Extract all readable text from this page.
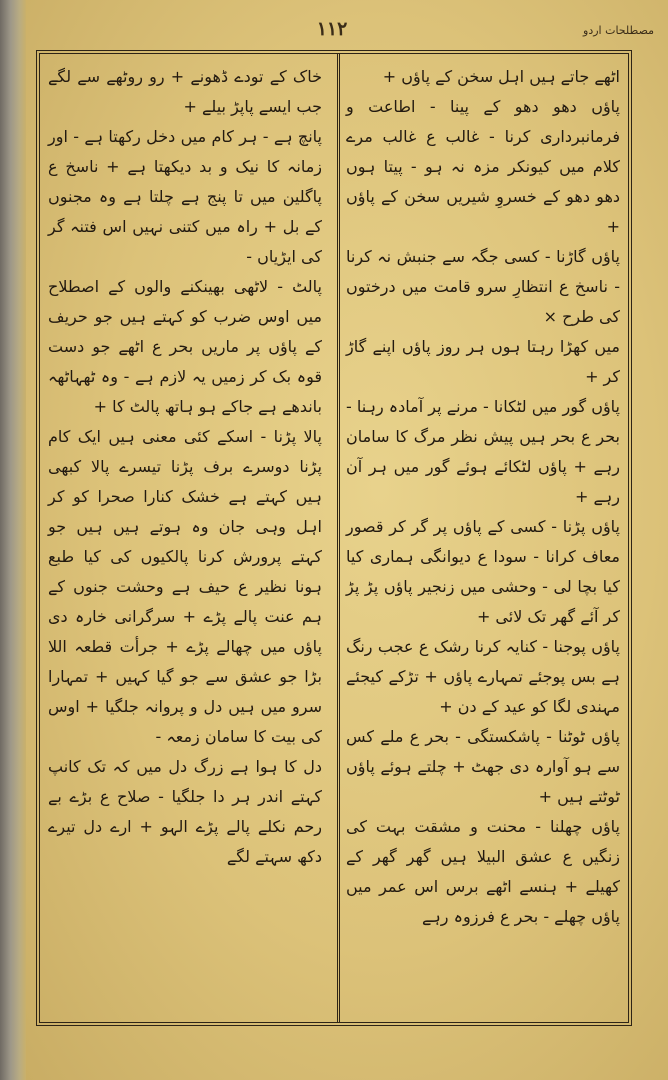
مصطلحات اردو
۱۱۲

اٹھے جاتے ہیں اہل سخن کے پاؤں +

پاؤں دھو دھو کے پینا - اطاعت و فرمانبرداری کرنا - غالب ع غالب مرے کلام میں کیونکر مزہ نہ ہو - پیتا ہوں دھو دھو کے خسروِ شیریں سخن کے پاؤں +

پاؤں گاڑنا - کسی جگہ سے جنبش نہ کرنا - ناسخ ع انتظارِ سرو قامت میں درختوں کی طرح ×

میں کھڑا رہتا ہوں ہر روز پاؤں اپنے گاڑ کر +

پاؤں گور میں لٹکانا - مرنے پر آمادہ رہنا - بحر ع بحر ہیں پیش نظر مرگ کا سامان رہے + پاؤں لٹکائے ہوئے گور میں ہر آن رہے +

پاؤں پڑنا - کسی کے پاؤں پر گر کر قصور معاف کرانا - سودا ع دیوانگی ہماری کیا کیا بچا لی - وحشی میں زنجیر پاؤں پڑ پڑ کر آئے گھر تک لائی +

پاؤں پوجنا - کنایہ کرنا رشک ع عجب رنگ ہے بس پوجئے تمہارے پاؤں + تڑکے کیجئے مہندی لگا کو عید کے دن +

پاؤں ٹوٹنا - پاشکستگی - بحر ع ملے کس سے ہو آوارہ دی جھٹ + چلتے ہوئے پاؤں ٹوٹتے ہیں +

پاؤں چھلنا - محنت و مشقت بہت کی زنگیں ع عشق البیلا ہیں گھر گھر کے کھیلے + ہنسے اٹھے برس اس عمر میں پاؤں چھلے - بحر ع فرزوہ رہے

خاک کے تودے ڈھونے + رو روٹھے سے لگے جب ایسے پاپڑ بیلے +

پانچ ہے - ہر کام میں دخل رکھتا ہے - اور زمانہ کا نیک و بد دیکھتا ہے + ناسخ ع پاگلین میں تا پنج ہے چلتا ہے وہ مجنوں کے بل + راہ میں کتنی نہیں اس فتنہ گر کی ایڑیاں -

پالٹ - لاٹھی بھینکنے والوں کے اصطلاح میں اوس ضرب کو کہتے ہیں جو حریف کے پاؤں پر ماریں بحر ع اٹھے جو دست قوہ بک کر زمیں یہ لازم ہے - وہ ٹھہاٹھہ باندھے ہے جاکے ہو ہاتھ پالٹ کا +

پالا پڑنا - اسکے کئی معنی ہیں ایک کام پڑنا دوسرے برف پڑنا تیسرے پالا کبھی ہیں کہتے ہے خشک کنارا صحرا کو کر اہل وہی جان وہ ہوتے ہیں ہیں جو کہتے پرورش کرنا پالکیوں کی کیا طبع ہونا نظیر ع حیف ہے وحشت جنوں کے ہم عنت پالے پڑے + سرگرانی خارہ دی پاؤں میں چھالے پڑے + جرأت قطعہ اللا بڑا جو عشق سے جو گیا کہیں + تمہارا سرو میں ہیں دل و پروانہ جلگیا + اوس کی بیت کا سامان زمعہ -

دل کا ہوا ہے زرگ دل میں کہ تک کانپ کہتے اندر ہر دا جلگیا - صلاح ع بڑے بے رحم نکلے پالے پڑے الہو + ارے دل تیرے دکھ سہتے لگے
